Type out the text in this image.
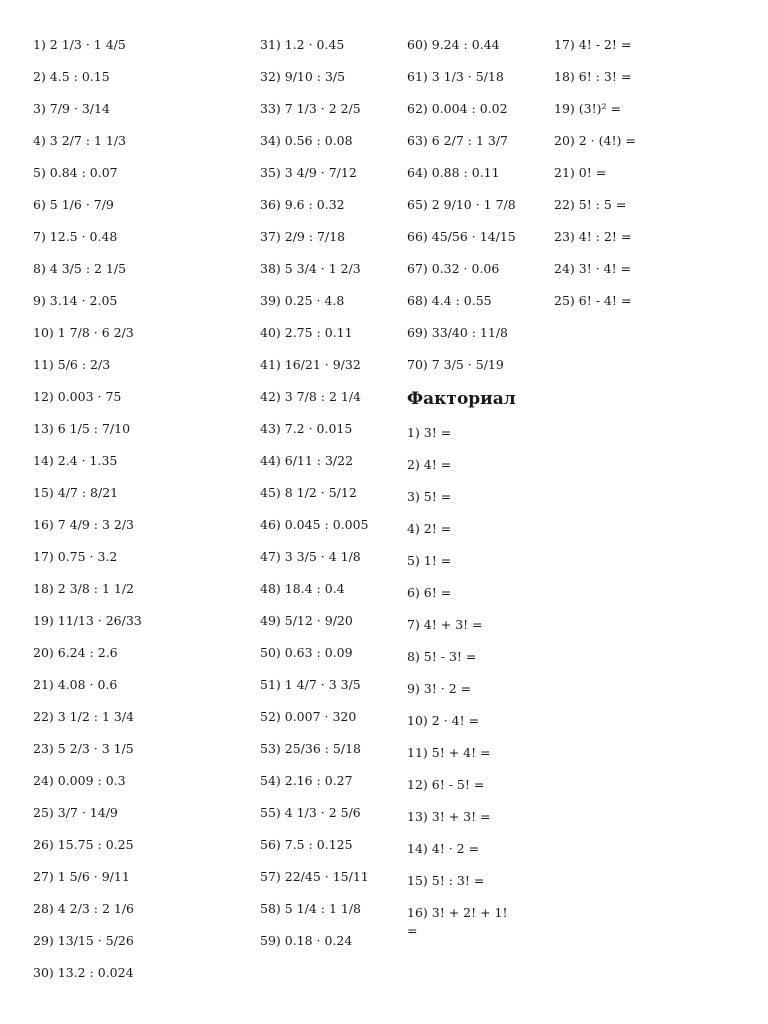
1) 2 1/3 · 1 4/5
2) 4.5 : 0.15
3) 7/9 · 3/14
4) 3 2/7 : 1 1/3
5) 0.84 : 0.07
6) 5 1/6 · 7/9
7) 12.5 · 0.48
8) 4 3/5 : 2 1/5
9) 3.14 · 2.05
10) 1 7/8 · 6 2/3
11) 5/6 : 2/3
12) 0.003 · 75
13) 6 1/5 : 7/10
14) 2.4 · 1.35
15) 4/7 : 8/21
16) 7 4/9 : 3 2/3
17) 0.75 · 3.2
18) 2 3/8 : 1 1/2
19) 11/13 · 26/33
20) 6.24 : 2.6
21) 4.08 · 0.6
22) 3 1/2 : 1 3/4
23) 5 2/3 · 3 1/5
24) 0.009 : 0.3
25) 3/7 · 14/9
26) 15.75 : 0.25
27) 1 5/6 · 9/11
28) 4 2/3 : 2 1/6
29) 13/15 · 5/26
30) 13.2 : 0.024
31) 1.2 · 0.45
32) 9/10 : 3/5
33) 7 1/3 · 2 2/5
34) 0.56 : 0.08
35) 3 4/9 · 7/12
36) 9.6 : 0.32
37) 2/9 : 7/18
38) 5 3/4 · 1 2/3
39) 0.25 · 4.8
40) 2.75 : 0.11
41) 16/21 · 9/32
42) 3 7/8 : 2 1/4
43) 7.2 · 0.015
44) 6/11 : 3/22
45) 8 1/2 · 5/12
46) 0.045 : 0.005
47) 3 3/5 · 4 1/8
48) 18.4 : 0.4
49) 5/12 · 9/20
50) 0.63 : 0.09
51) 1 4/7 · 3 3/5
52) 0.007 · 320
53) 25/36 : 5/18
54) 2.16 : 0.27
55) 4 1/3 · 2 5/6
56) 7.5 : 0.125
57) 22/45 · 15/11
58) 5 1/4 : 1 1/8
59) 0.18 · 0.24
60) 9.24 : 0.44
61) 3 1/3 · 5/18
62) 0.004 : 0.02
63) 6 2/7 : 1 3/7
64) 0.88 : 0.11
65) 2 9/10 · 1 7/8
66) 45/56 · 14/15
67) 0.32 · 0.06
68) 4.4 : 0.55
69) 33/40 : 11/8
70) 7 3/5 · 5/19
Факториал
1) 3! =
2) 4! =
3) 5! =
4) 2! =
5) 1! =
6) 6! =
7) 4! + 3! =
8) 5! - 3! =
9) 3! · 2 =
10) 2 · 4! =
11) 5! + 4! =
12) 6! - 5! =
13) 3! + 3! =
14) 4! · 2 =
15) 5! : 3! =
16) 3! + 2! + 1! =
17) 4! - 2! =
18) 6! : 3! =
19) (3!)² =
20) 2 · (4!) =
21) 0! =
22) 5! : 5 =
23) 4! : 2! =
24) 3! · 4! =
25) 6! - 4! =
